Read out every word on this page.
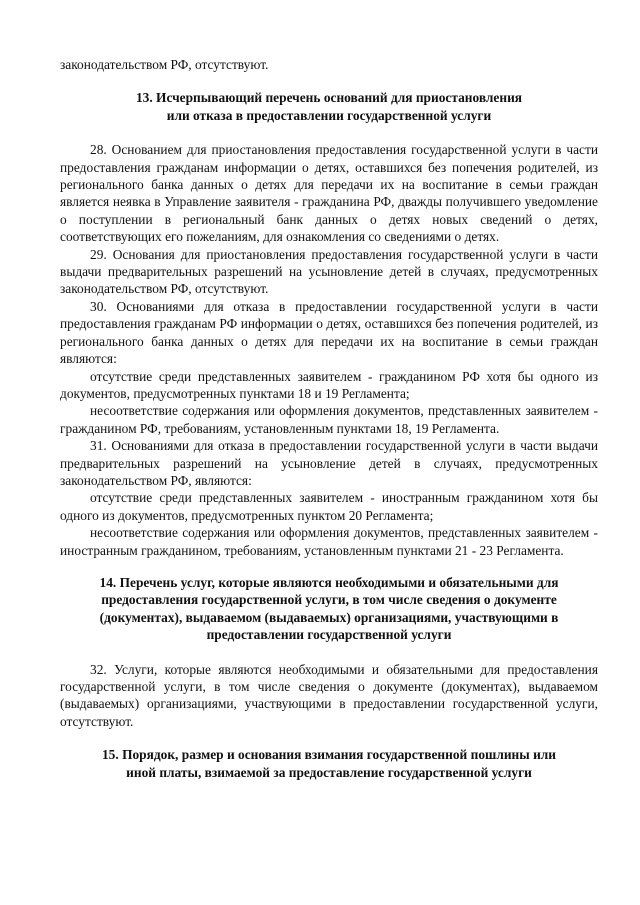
законодательством РФ, отсутствуют.

13. Исчерпывающий перечень оснований для приостановления
или отказа в предоставлении государственной услуги

28. Основанием для приостановления предоставления государственной услуги в части предоставления гражданам информации о детях, оставшихся без попечения родителей, из регионального банка данных о детях для передачи их на воспитание в семьи граждан является неявка в Управление заявителя - гражданина РФ, дважды получившего уведомление о поступлении в региональный банк данных о детях новых сведений о детях, соответствующих его пожеланиям, для ознакомления со сведениями о детях.

29. Основания для приостановления предоставления государственной услуги в части выдачи предварительных разрешений на усыновление детей в случаях, предусмотренных законодательством РФ, отсутствуют.

30. Основаниями для отказа в предоставлении государственной услуги в части предоставления гражданам РФ информации о детях, оставшихся без попечения родителей, из регионального банка данных о детях для передачи их на воспитание в семьи граждан являются:

отсутствие среди представленных заявителем - гражданином РФ хотя бы одного из документов, предусмотренных пунктами 18 и 19 Регламента;

несоответствие содержания или оформления документов, представленных заявителем - гражданином РФ, требованиям, установленным пунктами 18, 19 Регламента.

31. Основаниями для отказа в предоставлении государственной услуги в части выдачи предварительных разрешений на усыновление детей в случаях, предусмотренных законодательством РФ, являются:

отсутствие среди представленных заявителем - иностранным гражданином хотя бы одного из документов, предусмотренных пунктом 20 Регламента;

несоответствие содержания или оформления документов, представленных заявителем - иностранным гражданином, требованиям, установленным пунктами 21 - 23 Регламента.

14. Перечень услуг, которые являются необходимыми и обязательными для
предоставления государственной услуги, в том числе сведения о документе
(документах), выдаваемом (выдаваемых) организациями, участвующими в
предоставлении государственной услуги

32. Услуги, которые являются необходимыми и обязательными для предоставления государственной услуги, в том числе сведения о документе (документах), выдаваемом (выдаваемых) организациями, участвующими в предоставлении государственной услуги, отсутствуют.

15. Порядок, размер и основания взимания государственной пошлины или
иной платы, взимаемой за предоставление государственной услуги
